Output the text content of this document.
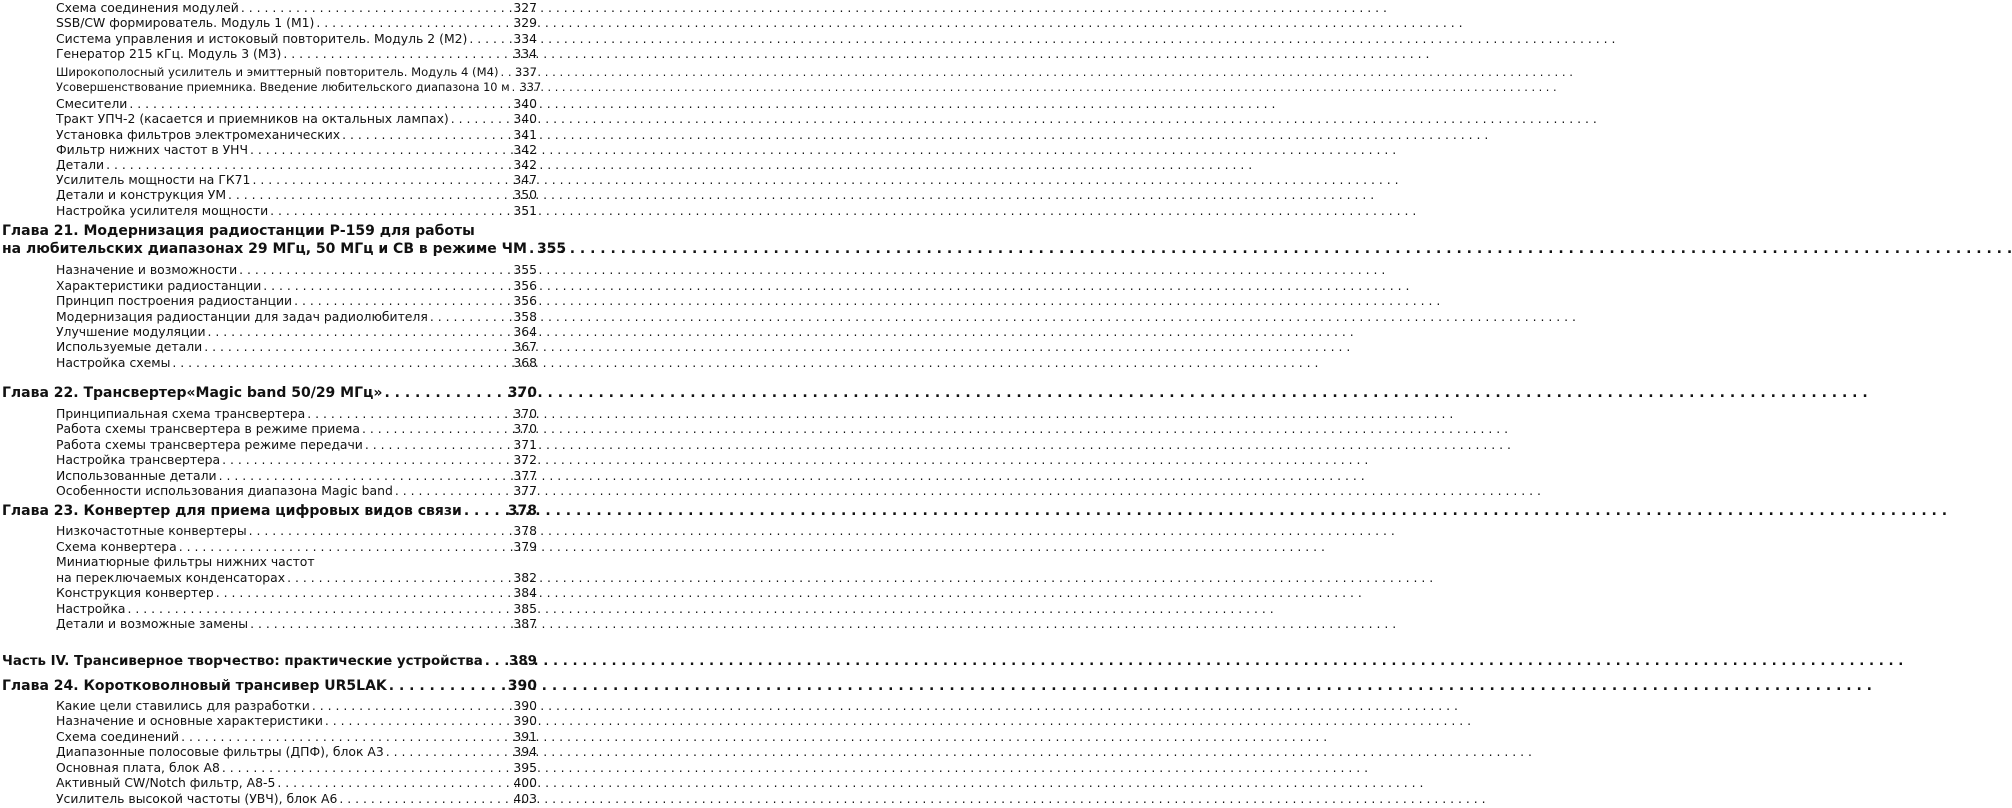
Схема соединения модулей . . .	327
SSB/CW формирователь. Модуль 1 (М1) . . .	329
Система управления и истоковый повторитель. Модуль 2 (М2) . . .	334
Генератор 215 кГц. Модуль 3 (М3) . . .	334
Широкополосный усилитель и эмиттерный повторитель. Модуль 4 (М4) . . . 337
Усовершенствование приемника. Введение любительского диапазона 10 м . . . 337
Смесители . . .	340
Тракт УПЧ-2 (касается и приемников на октальных лампах) . . .	340
Установка фильтров электромеханических . . .	341
Фильтр нижних частот в УНЧ . . .	342
Детали . . .	342
Усилитель мощности на ГК71 . . .	347
Детали и конструкция УМ . . .	350
Настройка усилителя мощности . . .	351
Глава 21. Модернизация радиостанции Р-159 для работы
на любительских диапазонах 29 МГц, 50 МГц и СВ в режиме ЧМ . . . 355
Назначение и возможности . . .	355
Характеристики радиостанции . . .	356
Принцип построения радиостанции . . .	356
Модернизация радиостанции для задач радиолюбителя . . .	358
Улучшение модуляции . . .	364
Используемые детали . . .	367
Настройка схемы . . .	368
Глава 22. Трансвертер«Magic band 50/29 МГц» . . .	370
Принципиальная схема трансвертера . . .	370
Работа схемы трансвертера в режиме приема . . .	370
Работа схемы трансвертера режиме передачи . . .	371
Настройка трансвертера . . .	372
Использованные детали . . .	377
Особенности использования диапазона Magic band . . .	377
Глава 23. Конвертер для приема цифровых видов связи . . .	378
Низкочастотные конвертеры . . .	378
Схема конвертера . . .	379
Миниатюрные фильтры нижних частот
на переключаемых конденсаторах . . .	382
Конструкция конвертер . . .	384
Настройка . . .	385
Детали и возможные замены . . .	387
Часть IV. Трансиверное творчество: практические устройства . . . 389
Глава 24. Коротковолновый трансивер UR5LAK . . .	390
Какие цели ставились для разработки . . .	390
Назначение и основные характеристики . . .	390
Схема соединений . . .	391
Диапазонные полосовые фильтры (ДПФ), блок А3 . . .	394
Основная плата, блок А8 . . .	395
Активный CW/Notch фильтр, А8-5 . . .	400
Усилитель высокой частоты (УВЧ), блок А6 . . .	403
